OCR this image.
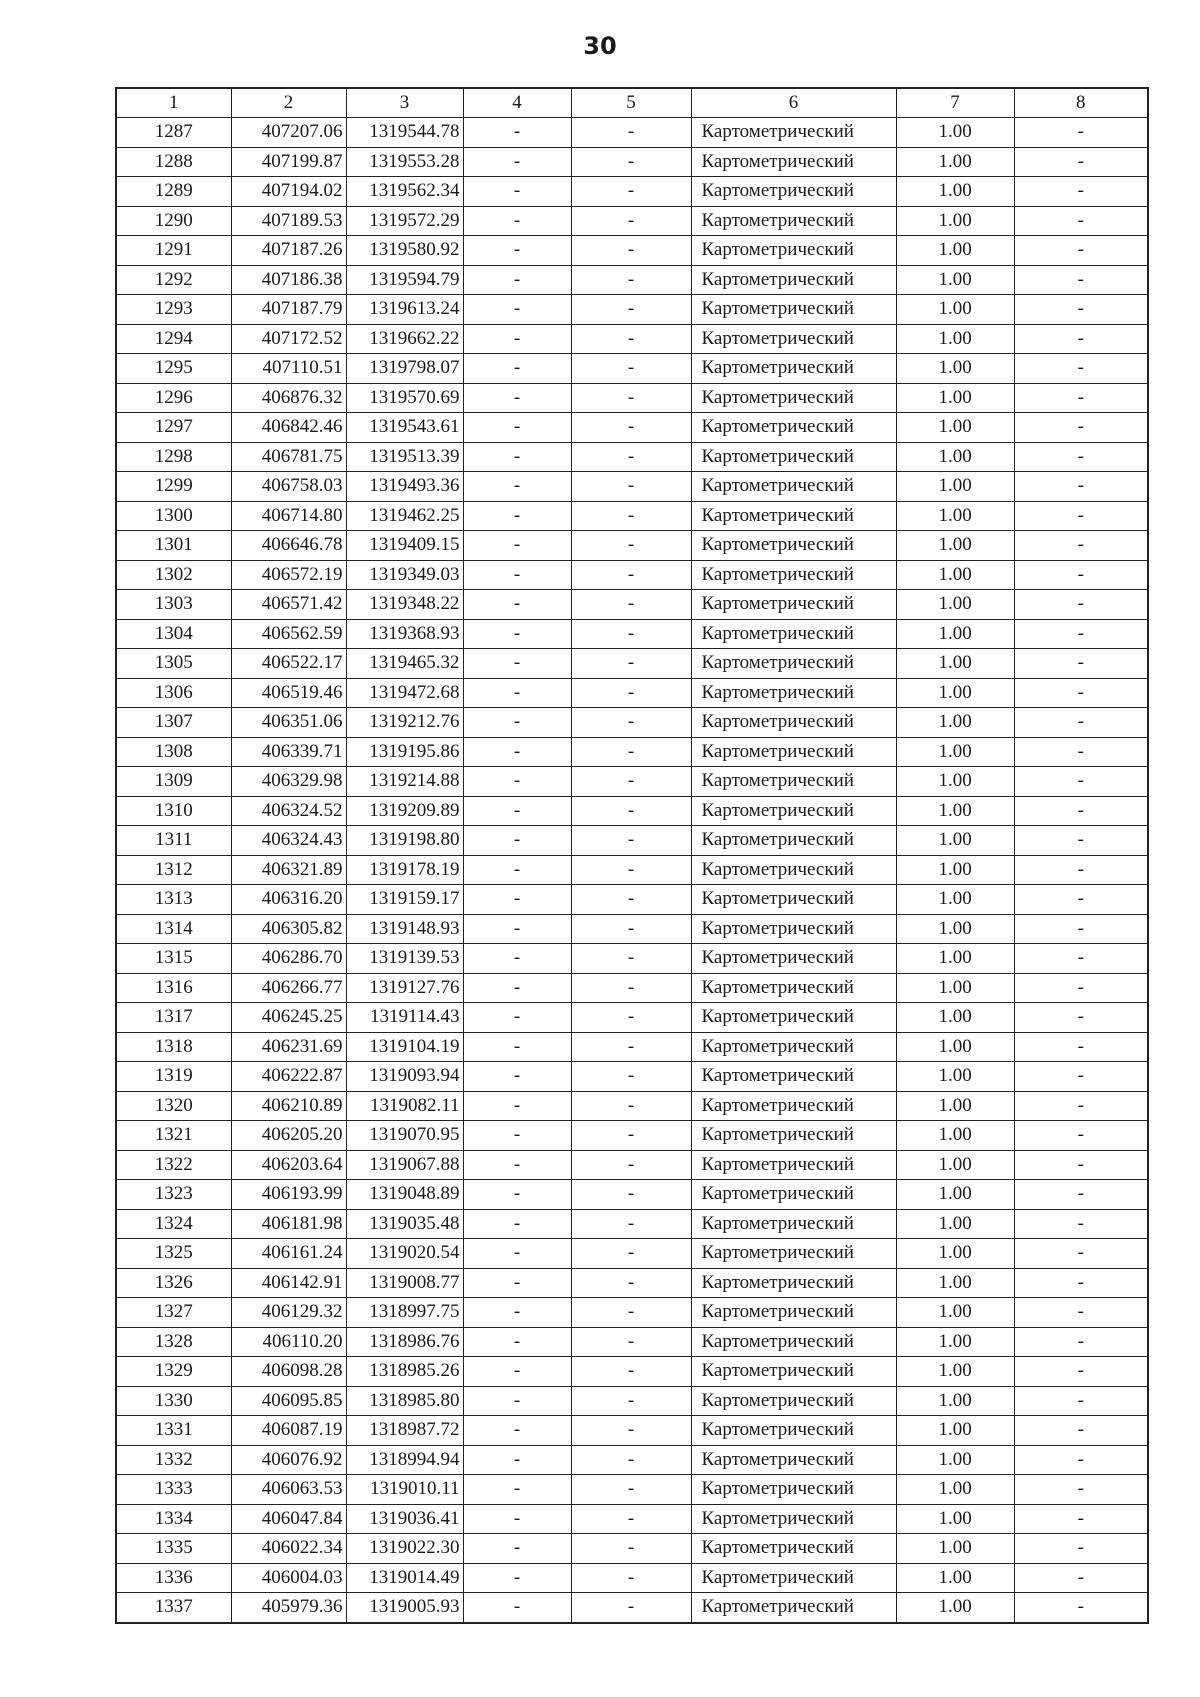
30
1	2	3	4	5	6	7	8
1287	407207.06	1319544.78	-	-	Картометрический	1.00	-
1288	407199.87	1319553.28	-	-	Картометрический	1.00	-
1289	407194.02	1319562.34	-	-	Картометрический	1.00	-
1290	407189.53	1319572.29	-	-	Картометрический	1.00	-
1291	407187.26	1319580.92	-	-	Картометрический	1.00	-
1292	407186.38	1319594.79	-	-	Картометрический	1.00	-
1293	407187.79	1319613.24	-	-	Картометрический	1.00	-
1294	407172.52	1319662.22	-	-	Картометрический	1.00	-
1295	407110.51	1319798.07	-	-	Картометрический	1.00	-
1296	406876.32	1319570.69	-	-	Картометрический	1.00	-
1297	406842.46	1319543.61	-	-	Картометрический	1.00	-
1298	406781.75	1319513.39	-	-	Картометрический	1.00	-
1299	406758.03	1319493.36	-	-	Картометрический	1.00	-
1300	406714.80	1319462.25	-	-	Картометрический	1.00	-
1301	406646.78	1319409.15	-	-	Картометрический	1.00	-
1302	406572.19	1319349.03	-	-	Картометрический	1.00	-
1303	406571.42	1319348.22	-	-	Картометрический	1.00	-
1304	406562.59	1319368.93	-	-	Картометрический	1.00	-
1305	406522.17	1319465.32	-	-	Картометрический	1.00	-
1306	406519.46	1319472.68	-	-	Картометрический	1.00	-
1307	406351.06	1319212.76	-	-	Картометрический	1.00	-
1308	406339.71	1319195.86	-	-	Картометрический	1.00	-
1309	406329.98	1319214.88	-	-	Картометрический	1.00	-
1310	406324.52	1319209.89	-	-	Картометрический	1.00	-
1311	406324.43	1319198.80	-	-	Картометрический	1.00	-
1312	406321.89	1319178.19	-	-	Картометрический	1.00	-
1313	406316.20	1319159.17	-	-	Картометрический	1.00	-
1314	406305.82	1319148.93	-	-	Картометрический	1.00	-
1315	406286.70	1319139.53	-	-	Картометрический	1.00	-
1316	406266.77	1319127.76	-	-	Картометрический	1.00	-
1317	406245.25	1319114.43	-	-	Картометрический	1.00	-
1318	406231.69	1319104.19	-	-	Картометрический	1.00	-
1319	406222.87	1319093.94	-	-	Картометрический	1.00	-
1320	406210.89	1319082.11	-	-	Картометрический	1.00	-
1321	406205.20	1319070.95	-	-	Картометрический	1.00	-
1322	406203.64	1319067.88	-	-	Картометрический	1.00	-
1323	406193.99	1319048.89	-	-	Картометрический	1.00	-
1324	406181.98	1319035.48	-	-	Картометрический	1.00	-
1325	406161.24	1319020.54	-	-	Картометрический	1.00	-
1326	406142.91	1319008.77	-	-	Картометрический	1.00	-
1327	406129.32	1318997.75	-	-	Картометрический	1.00	-
1328	406110.20	1318986.76	-	-	Картометрический	1.00	-
1329	406098.28	1318985.26	-	-	Картометрический	1.00	-
1330	406095.85	1318985.80	-	-	Картометрический	1.00	-
1331	406087.19	1318987.72	-	-	Картометрический	1.00	-
1332	406076.92	1318994.94	-	-	Картометрический	1.00	-
1333	406063.53	1319010.11	-	-	Картометрический	1.00	-
1334	406047.84	1319036.41	-	-	Картометрический	1.00	-
1335	406022.34	1319022.30	-	-	Картометрический	1.00	-
1336	406004.03	1319014.49	-	-	Картометрический	1.00	-
1337	405979.36	1319005.93	-	-	Картометрический	1.00	-
